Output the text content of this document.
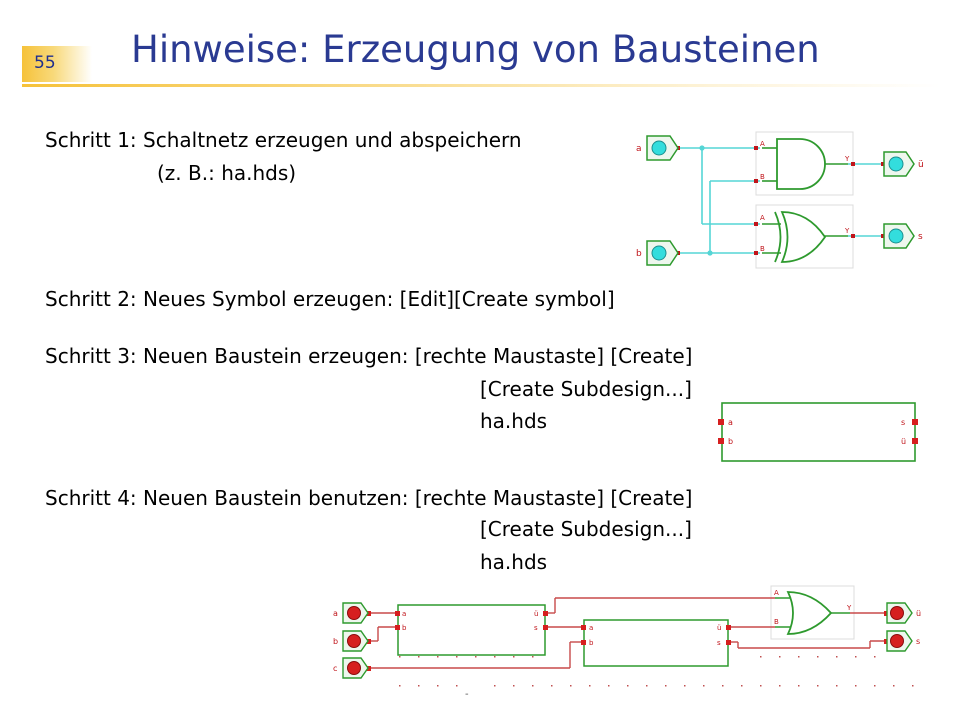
55 Hinweise: Erzeugung von Bausteinen
Schritt 1: Schaltnetz erzeugen und abspeichern
(z. B.: ha.hds)
Schritt 2: Neues Symbol erzeugen: [Edit][Create symbol]
Schritt 3: Neuen Baustein erzeugen: [rechte Maustaste] [Create]
[Create Subdesign...]
ha.hds
Schritt 4: Neuen Baustein benutzen: [rechte Maustaste] [Create]
[Create Subdesign...]
ha.hds
A
B
Y
A
B
Y
a
b
ü
s
a
b
s
ü
a
b
ü
s	a
b
ü
s
A
B
Y
a
b
c
ü
s
-
